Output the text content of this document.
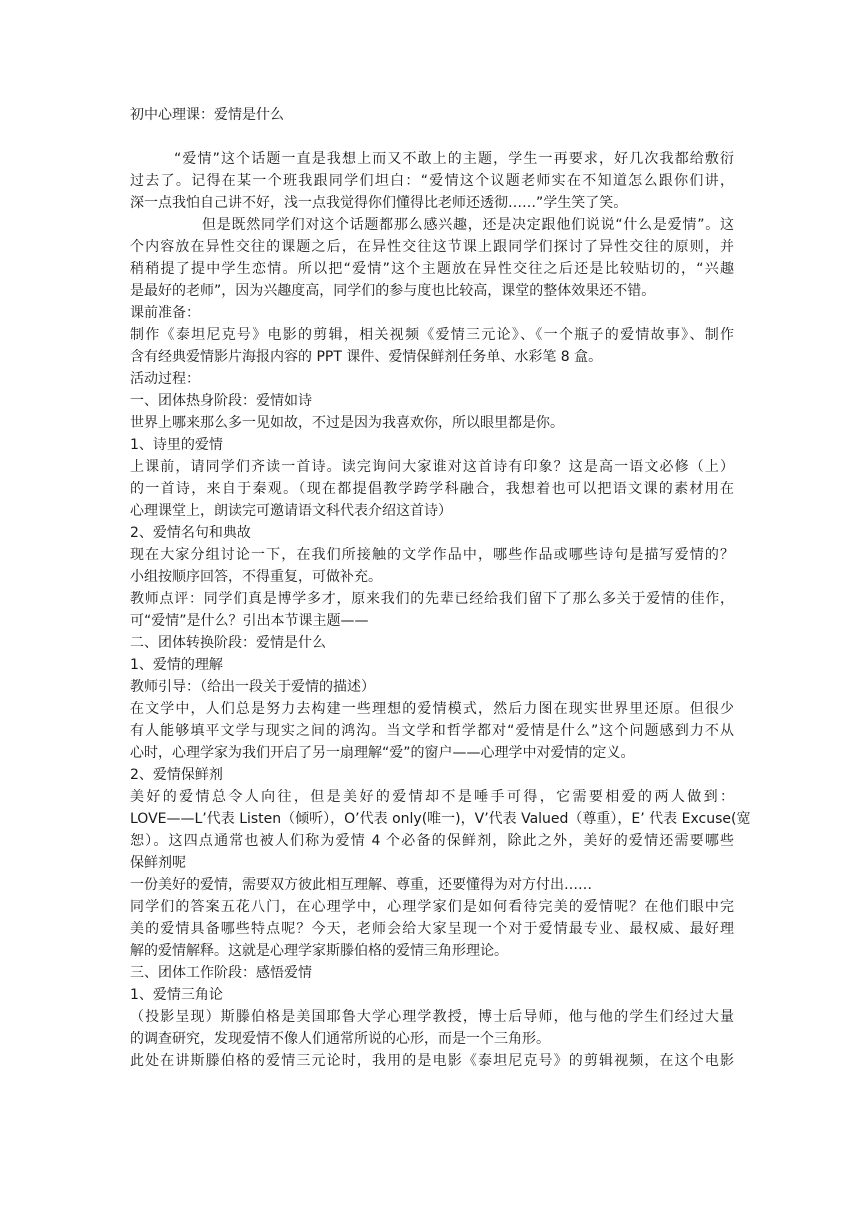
初中心理课：爱情是什么
“爱情”这个话题一直是我想上而又不敢上的主题，学生一再要求，好几次我都给敷衍
过去了。记得在某一个班我跟同学们坦白：“爱情这个议题老师实在不知道怎么跟你们讲，
深一点我怕自己讲不好，浅一点我觉得你们懂得比老师还透彻……”学生笑了笑。
但是既然同学们对这个话题都那么感兴趣，还是决定跟他们说说“什么是爱情”。这
个内容放在异性交往的课题之后，在异性交往这节课上跟同学们探讨了异性交往的原则，并
稍稍提了提中学生恋情。所以把“爱情”这个主题放在异性交往之后还是比较贴切的，“兴趣
是最好的老师”，因为兴趣度高，同学们的参与度也比较高，课堂的整体效果还不错。
课前准备：
制作《泰坦尼克号》电影的剪辑，相关视频《爱情三元论》、《一个瓶子的爱情故事》、制作
含有经典爱情影片海报内容的 PPT 课件、爱情保鲜剂任务单、水彩笔 8 盒。
活动过程：
一、团体热身阶段：爱情如诗
世界上哪来那么多一见如故，不过是因为我喜欢你，所以眼里都是你。
1、诗里的爱情
上课前，请同学们齐读一首诗。读完询问大家谁对这首诗有印象？这是高一语文必修（上）
的一首诗，来自于秦观。（现在都提倡教学跨学科融合，我想着也可以把语文课的素材用在
心理课堂上，朗读完可邀请语文科代表介绍这首诗）
2、爱情名句和典故
现在大家分组讨论一下，在我们所接触的文学作品中，哪些作品或哪些诗句是描写爱情的？
小组按顺序回答，不得重复，可做补充。
教师点评：同学们真是博学多才，原来我们的先辈已经给我们留下了那么多关于爱情的佳作，
可“爱情”是什么？引出本节课主题——
二、团体转换阶段：爱情是什么
1、爱情的理解
教师引导：（给出一段关于爱情的描述）
在文学中，人们总是努力去构建一些理想的爱情模式，然后力图在现实世界里还原。但很少
有人能够填平文学与现实之间的鸿沟。当文学和哲学都对“爱情是什么”这个问题感到力不从
心时，心理学家为我们开启了另一扇理解“爱”的窗户——心理学中对爱情的定义。
2、爱情保鲜剂
美好的爱情总令人向往，但是美好的爱情却不是唾手可得，它需要相爱的两人做到：
LOVE——L’代表 Listen（倾听），O’代表 only(唯一)，V’代表 Valued（尊重），E’ 代表 Excuse(宽
恕）。这四点通常也被人们称为爱情 4 个必备的保鲜剂，除此之外，美好的爱情还需要哪些
保鲜剂呢
一份美好的爱情，需要双方彼此相互理解、尊重，还要懂得为对方付出……
同学们的答案五花八门，在心理学中，心理学家们是如何看待完美的爱情呢？在他们眼中完
美的爱情具备哪些特点呢？今天，老师会给大家呈现一个对于爱情最专业、最权威、最好理
解的爱情解释。这就是心理学家斯滕伯格的爱情三角形理论。
三、团体工作阶段：感悟爱情
1、爱情三角论
（投影呈现）斯滕伯格是美国耶鲁大学心理学教授，博士后导师，他与他的学生们经过大量
的调查研究，发现爱情不像人们通常所说的心形，而是一个三角形。
此处在讲斯滕伯格的爱情三元论时，我用的是电影《泰坦尼克号》的剪辑视频，在这个电影
